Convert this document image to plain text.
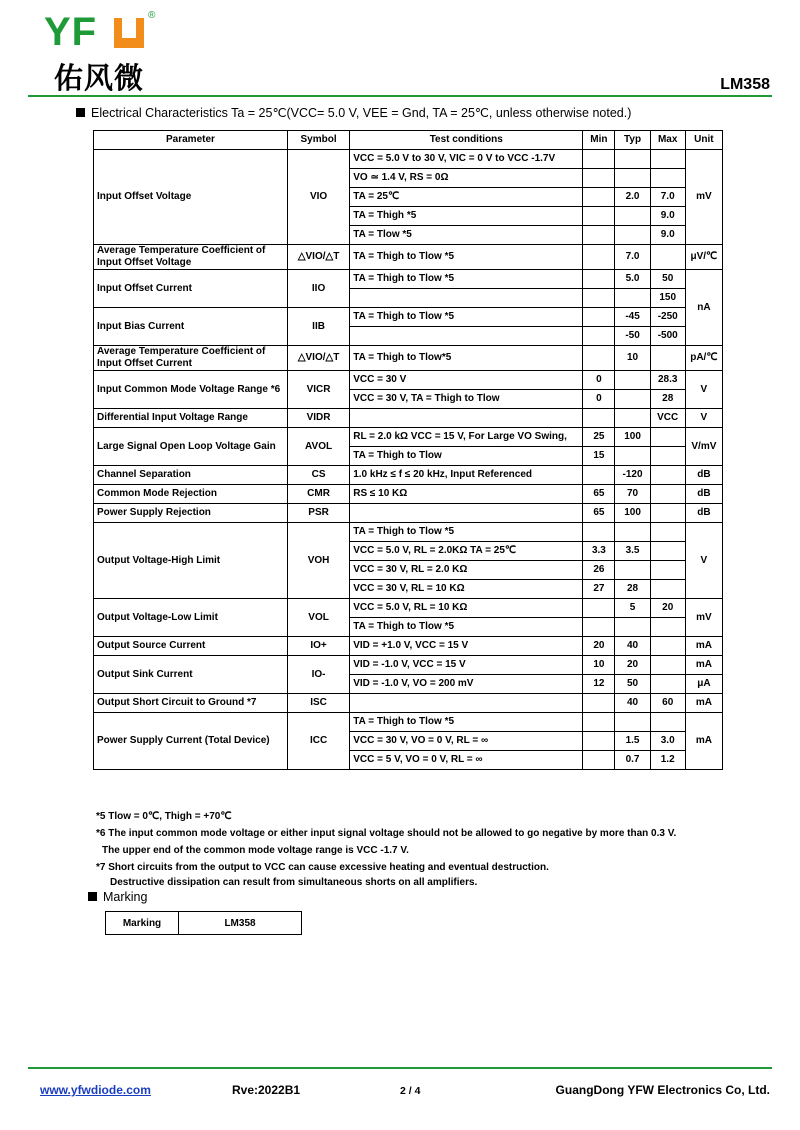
YF	®
佑风微	LM358
Electrical Characteristics Ta = 25℃(VCC= 5.0 V, VEE = Gnd, TA = 25℃, unless otherwise noted.)
Parameter	Symbol	Test conditions	Min	Typ	Max	Unit
Input Offset Voltage	VIO	VCC = 5.0 V to 30 V, VIC = 0 V to VCC -1.7V				mV
		VO ≃ 1.4 V, RS = 0Ω				
		TA = 25℃		2.0	7.0	
		TA = Thigh *5			9.0	
		TA = Tlow *5			9.0	
Average Temperature Coefficient of Input Offset Voltage	△VIO/△T	TA = Thigh to Tlow *5		7.0		μV/℃
Input Offset Current	IIO	TA = Thigh to Tlow *5		5.0	50	nA
					150	
Input Bias Current	IIB	TA = Thigh to Tlow *5		-45	-250	
				-50	-500	
Average Temperature Coefficient of Input Offset Current	△VIO/△T	TA = Thigh to Tlow*5		10		pA/℃
Input Common Mode Voltage Range *6	VICR	VCC = 30 V	0		28.3	V
		VCC = 30 V, TA = Thigh to Tlow	0		28	
Differential Input Voltage Range	VIDR				VCC	V
Large Signal Open Loop Voltage Gain	AVOL	RL = 2.0 kΩ VCC = 15 V, For Large VO Swing,	25	100		V/mV
		TA = Thigh to Tlow	15			
Channel Separation	CS	1.0 kHz ≤ f ≤ 20 kHz, Input Referenced		-120		dB
Common Mode Rejection	CMR	RS ≤ 10 KΩ	65	70		dB
Power Supply Rejection	PSR		65	100		dB
Output Voltage-High Limit	VOH	TA = Thigh to Tlow *5				V
		VCC = 5.0 V, RL = 2.0KΩ TA = 25℃	3.3	3.5		
		VCC = 30 V, RL = 2.0 KΩ	26			
		VCC = 30 V, RL = 10 KΩ	27	28		
Output Voltage-Low Limit	VOL	VCC = 5.0 V, RL = 10 KΩ		5	20	mV
		TA = Thigh to Tlow *5				
Output Source Current	IO+	VID = +1.0 V, VCC = 15 V	20	40		mA
Output Sink Current	IO-	VID = -1.0 V, VCC = 15 V	10	20		mA
		VID = -1.0 V, VO = 200 mV	12	50		μA
Output Short Circuit to Ground *7	ISC			40	60	mA
Power Supply Current (Total Device)	ICC	TA = Thigh to Tlow *5				mA
		VCC = 30 V, VO = 0 V, RL = ∞		1.5	3.0	
		VCC = 5 V, VO = 0 V, RL = ∞		0.7	1.2	
*5 Tlow = 0℃, Thigh = +70℃
*6 The input common mode voltage or either input signal voltage should not be allowed to go negative by more than 0.3 V.
The upper end of the common mode voltage range is VCC -1.7 V.
*7 Short circuits from the output to VCC can cause excessive heating and eventual destruction.
Destructive dissipation can result from simultaneous shorts on all amplifiers.
Marking
Marking	LM358
www.yfwdiode.com	Rve:2022B1	2 / 4	GuangDong YFW Electronics Co, Ltd.
